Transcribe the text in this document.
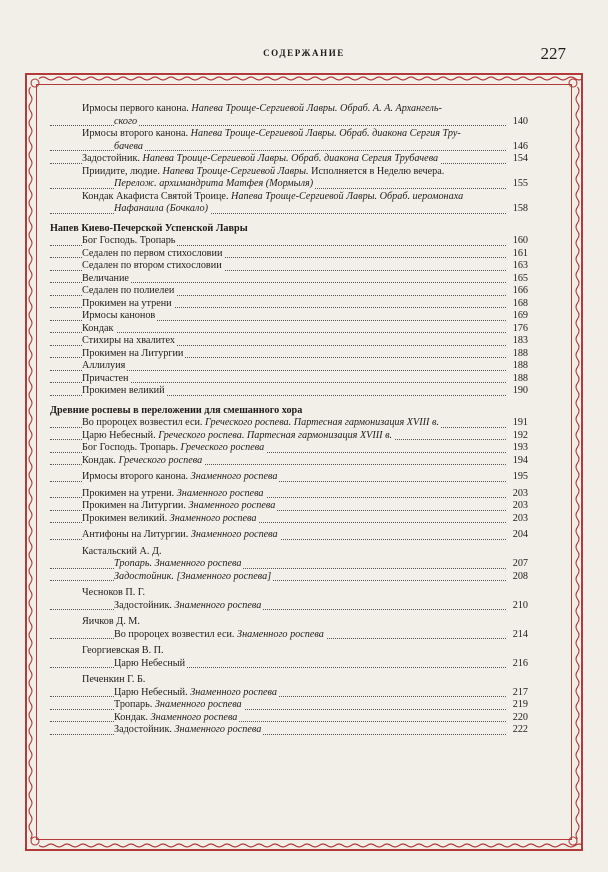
СОДЕРЖАНИЕ	227
Ирмосы первого канона. Напева Троице-Сергиевой Лавры. Обраб. А. А. Архангель-
ского	140
Ирмосы второго канона. Напева Троице-Сергиевой Лавры. Обраб. диакона Сергия Тру-
бачева	146
Задостойник. Напева Троице-Сергиевой Лавры. Обраб. диакона Сергия Трубачева	154
Приидите, людие. Напева Троице-Сергиевой Лавры. Исполняется в Неделю вечера.
Перелож. архимандрита Матфея (Мормыля)	155
Кондак Акафиста Святой Троице. Напева Троице-Сергиевой Лавры. Обраб. иеромонаха
Нафанаила (Бочкало)	158
Напев Киево-Печерской Успенской Лавры
Бог Господь. Тропарь	160
Седален по первом стихословии	161
Седален по втором стихословии	163
Величание	165
Седален по полиелеи	166
Прокимен на утрени	168
Ирмосы канонов	169
Кондак	176
Стихиры на хвалитех	183
Прокимен на Литургии	188
Аллилуия	188
Причастен	188
Прокимен великий	190
Древние роспевы в переложении для смешанного хора
Во пророцех возвестил еси. Греческого роспева. Партесная гармонизация XVIII в.	191
Царю Небесный. Греческого роспева. Партесная гармонизация XVIII в.	192
Бог Господь. Тропарь. Греческого роспева	193
Кондак. Греческого роспева	194
Ирмосы второго канона. Знаменного роспева	195
Прокимен на утрени. Знаменного роспева	203
Прокимен на Литургии. Знаменного роспева	203
Прокимен великий. Знаменного роспева	203
Антифоны на Литургии. Знаменного роспева	204
Кастальский А. Д.
Тропарь. Знаменного роспева	207
Задостойник. [Знаменного роспева]	208
Чесноков П. Г.
Задостойник. Знаменного роспева	210
Яичков Д. М.
Во пророцех возвестил еси. Знаменного роспева	214
Георгиевская В. П.
Царю Небесный	216
Печенкин Г. Б.
Царю Небесный. Знаменного роспева	217
Тропарь. Знаменного роспева	219
Кондак. Знаменного роспева	220
Задостойник. Знаменного роспева	222
